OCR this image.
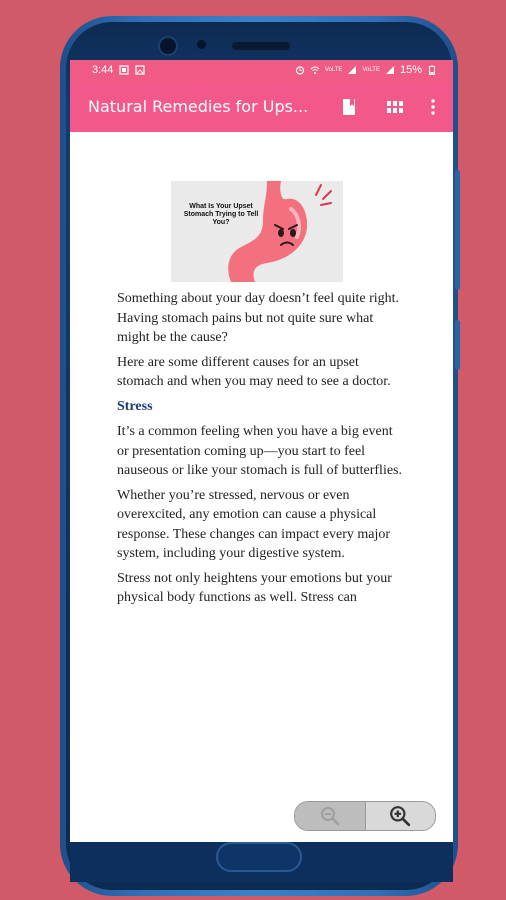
3:44	VoLTE	VoLTE 15%
Natural Remedies for Ups...
What Is Your Upset Stomach Trying to Tell You?

Something about your day doesn’t feel quite right. Having stomach pains but not quite sure what might be the cause?

Here are some different causes for an upset stomach and when you may need to see a doctor.

Stress

It’s a common feeling when you have a big event or presentation coming up—you start to feel nauseous or like your stomach is full of butterflies.

Whether you’re stressed, nervous or even overexcited, any emotion can cause a physical response. These changes can impact every major system, including your digestive system.

Stress not only heightens your emotions but your physical body functions as well. Stress can
